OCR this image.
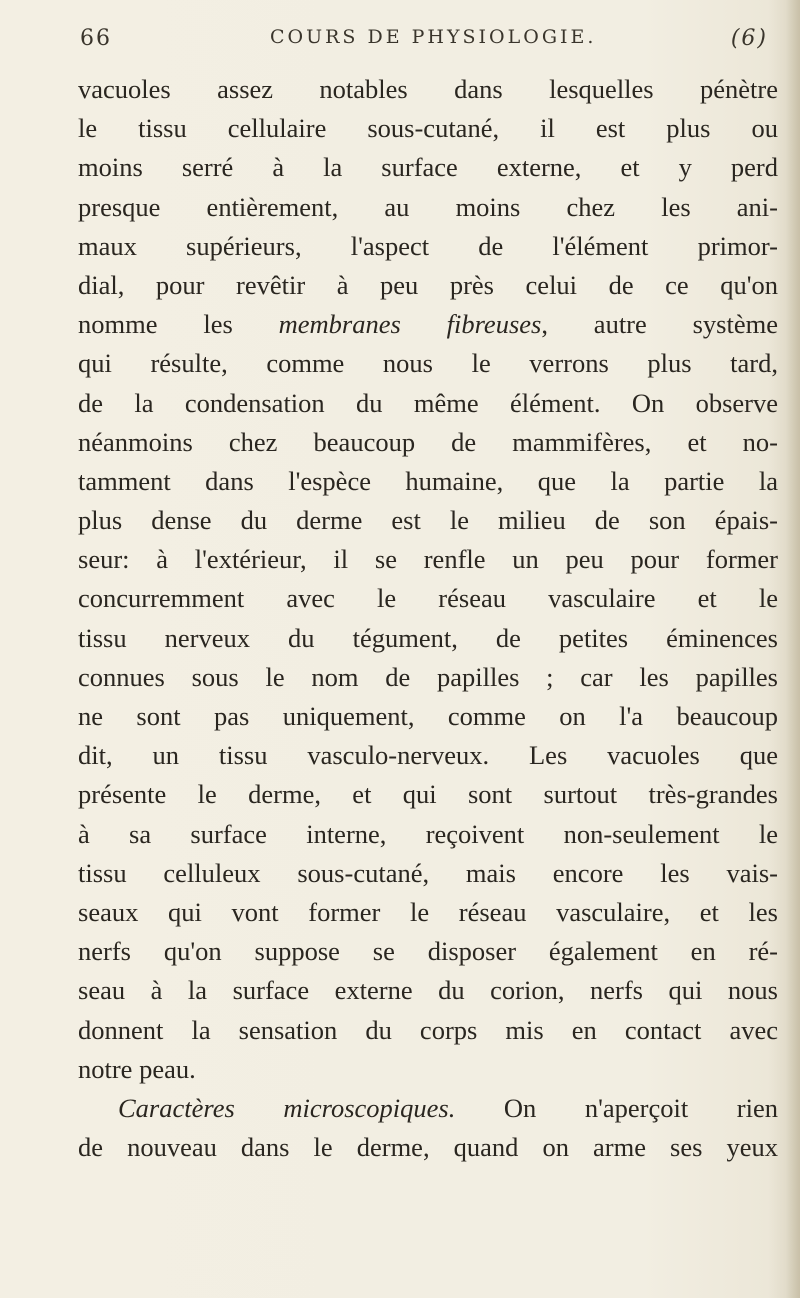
66	COURS DE PHYSIOLOGIE.	(6)
vacuoles assez notables dans lesquelles pénètre
le tissu cellulaire sous-cutané, il est plus ou
moins serré à la surface externe, et y perd
presque entièrement, au moins chez les ani-
maux supérieurs, l'aspect de l'élément primor-
dial, pour revêtir à peu près celui de ce qu'on
nomme les membranes fibreuses, autre système
qui résulte, comme nous le verrons plus tard,
de la condensation du même élément. On observe
néanmoins chez beaucoup de mammifères, et no-
tamment dans l'espèce humaine, que la partie la
plus dense du derme est le milieu de son épais-
seur: à l'extérieur, il se renfle un peu pour former
concurremment avec le réseau vasculaire et le
tissu nerveux du tégument, de petites éminences
connues sous le nom de papilles ; car les papilles
ne sont pas uniquement, comme on l'a beaucoup
dit, un tissu vasculo-nerveux. Les vacuoles que
présente le derme, et qui sont surtout très-grandes
à sa surface interne, reçoivent non-seulement le
tissu celluleux sous-cutané, mais encore les vais-
seaux qui vont former le réseau vasculaire, et les
nerfs qu'on suppose se disposer également en ré-
seau à la surface externe du corion, nerfs qui nous
donnent la sensation du corps mis en contact avec
notre peau.
Caractères microscopiques. On n'aperçoit rien
de nouveau dans le derme, quand on arme ses yeux
